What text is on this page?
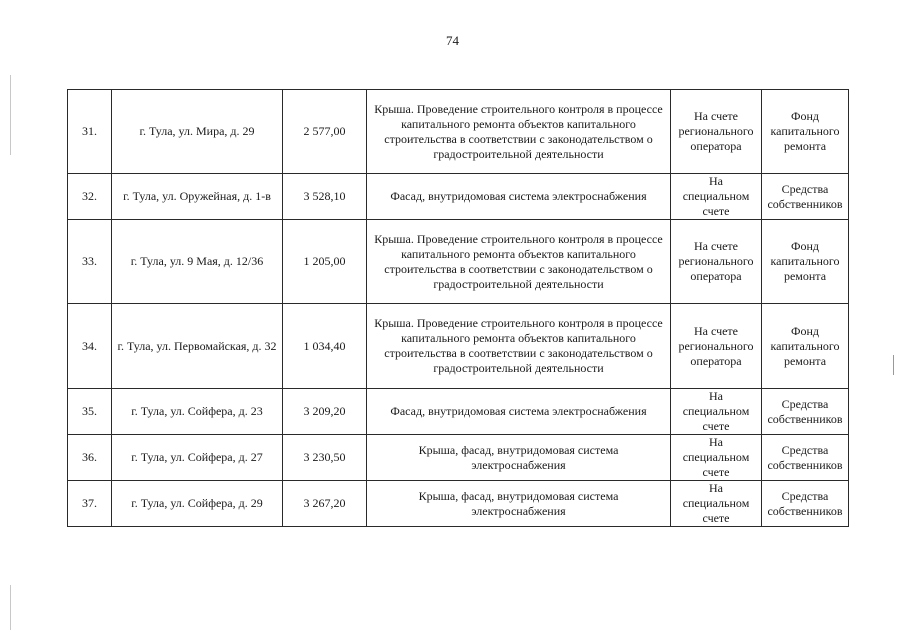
74
31.	г. Тула, ул. Мира, д. 29	2 577,00	Крыша. Проведение строительного контроля в процессе капитального ремонта объектов капитального строительства в соответствии с законодательством о градостроительной деятельности	На счете регионального оператора	Фонд капитального ремонта
32.	г. Тула, ул. Оружейная, д. 1-в	3 528,10	Фасад, внутридомовая система электроснабжения	На специальном счете	Средства собственников
33.	г. Тула, ул. 9 Мая, д. 12/36	1 205,00	Крыша. Проведение строительного контроля в процессе капитального ремонта объектов капитального строительства в соответствии с законодательством о градостроительной деятельности	На счете регионального оператора	Фонд капитального ремонта
34.	г. Тула, ул. Первомайская, д. 32	1 034,40	Крыша. Проведение строительного контроля в процессе капитального ремонта объектов капитального строительства в соответствии с законодательством о градостроительной деятельности	На счете регионального оператора	Фонд капитального ремонта
35.	г. Тула, ул. Сойфера, д. 23	3 209,20	Фасад, внутридомовая система электроснабжения	На специальном счете	Средства собственников
36.	г. Тула, ул. Сойфера, д. 27	3 230,50	Крыша, фасад, внутридомовая система электроснабжения	На специальном счете	Средства собственников
37.	г. Тула, ул. Сойфера, д. 29	3 267,20	Крыша, фасад, внутридомовая система электроснабжения	На специальном счете	Средства собственников
